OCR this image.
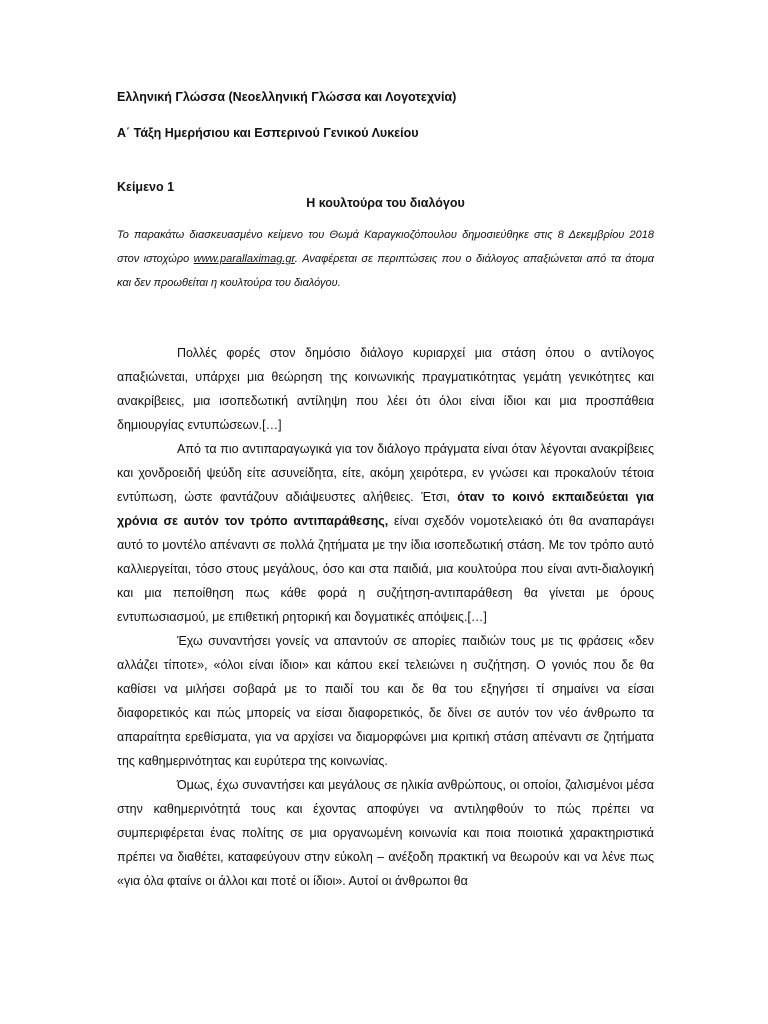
Ελληνική Γλώσσα (Νεοελληνική Γλώσσα και Λογοτεχνία)

Α΄ Τάξη Ημερήσιου και Εσπερινού Γενικού Λυκείου

Κείμενο 1

Η κουλτούρα του διαλόγου

Το παρακάτω διασκευασμένο κείμενο του Θωμά Καραγκιοζόπουλου δημοσιεύθηκε στις 8 Δεκεμβρίου 2018 στον ιστοχώρο www.parallaximag.gr. Αναφέρεται σε περιπτώσεις που ο διάλογος απαξιώνεται από τα άτομα και δεν προωθείται η κουλτούρα του διαλόγου.

Πολλές φορές στον δημόσιο διάλογο κυριαρχεί μια στάση όπου ο αντίλογος απαξιώνεται, υπάρχει μια θεώρηση της κοινωνικής πραγματικότητας γεμάτη γενικότητες και ανακρίβειες, μια ισοπεδωτική αντίληψη που λέει ότι όλοι είναι ίδιοι και μια προσπάθεια δημιουργίας εντυπώσεων.[…]

Από τα πιο αντιπαραγωγικά για τον διάλογο πράγματα είναι όταν λέγονται ανακρίβειες και χονδροειδή ψεύδη είτε ασυνείδητα, είτε, ακόμη χειρότερα, εν γνώσει και προκαλούν τέτοια εντύπωση, ώστε φαντάζουν αδιάψευστες αλήθειες. Έτσι, όταν το κοινό εκπαιδεύεται για χρόνια σε αυτόν τον τρόπο αντιπαράθεσης, είναι σχεδόν νομοτελειακό ότι θα αναπαράγει αυτό το μοντέλο απέναντι σε πολλά ζητήματα με την ίδια ισοπεδωτική στάση. Με τον τρόπο αυτό καλλιεργείται, τόσο στους μεγάλους, όσο και στα παιδιά, μια κουλτούρα που είναι αντι-διαλογική και μια πεποίθηση πως κάθε φορά η συζήτηση-αντιπαράθεση θα γίνεται με όρους εντυπωσιασμού, με επιθετική ρητορική και δογματικές απόψεις.[…]

Έχω συναντήσει γονείς να απαντούν σε απορίες παιδιών τους με τις φράσεις «δεν αλλάζει τίποτε», «όλοι είναι ίδιοι» και κάπου εκεί τελειώνει η συζήτηση. Ο γονιός που δε θα καθίσει να μιλήσει σοβαρά με το παιδί του και δε θα του εξηγήσει τί σημαίνει να είσαι διαφορετικός και πώς μπορείς να είσαι διαφορετικός, δε δίνει σε αυτόν τον νέο άνθρωπο τα απαραίτητα ερεθίσματα, για να αρχίσει να διαμορφώνει μια κριτική στάση απέναντι σε ζητήματα της καθημερινότητας και ευρύτερα της κοινωνίας.

Όμως, έχω συναντήσει και μεγάλους σε ηλικία ανθρώπους, οι οποίοι, ζαλισμένοι μέσα στην καθημερινότητά τους και έχοντας αποφύγει να αντιληφθούν το πώς πρέπει να συμπεριφέρεται ένας πολίτης σε μια οργανωμένη κοινωνία και ποια ποιοτικά χαρακτηριστικά πρέπει να διαθέτει, καταφεύγουν στην εύκολη – ανέξοδη πρακτική να θεωρούν και να λένε πως «για όλα φταίνε οι άλλοι και ποτέ οι ίδιοι». Αυτοί οι άνθρωποι θα
